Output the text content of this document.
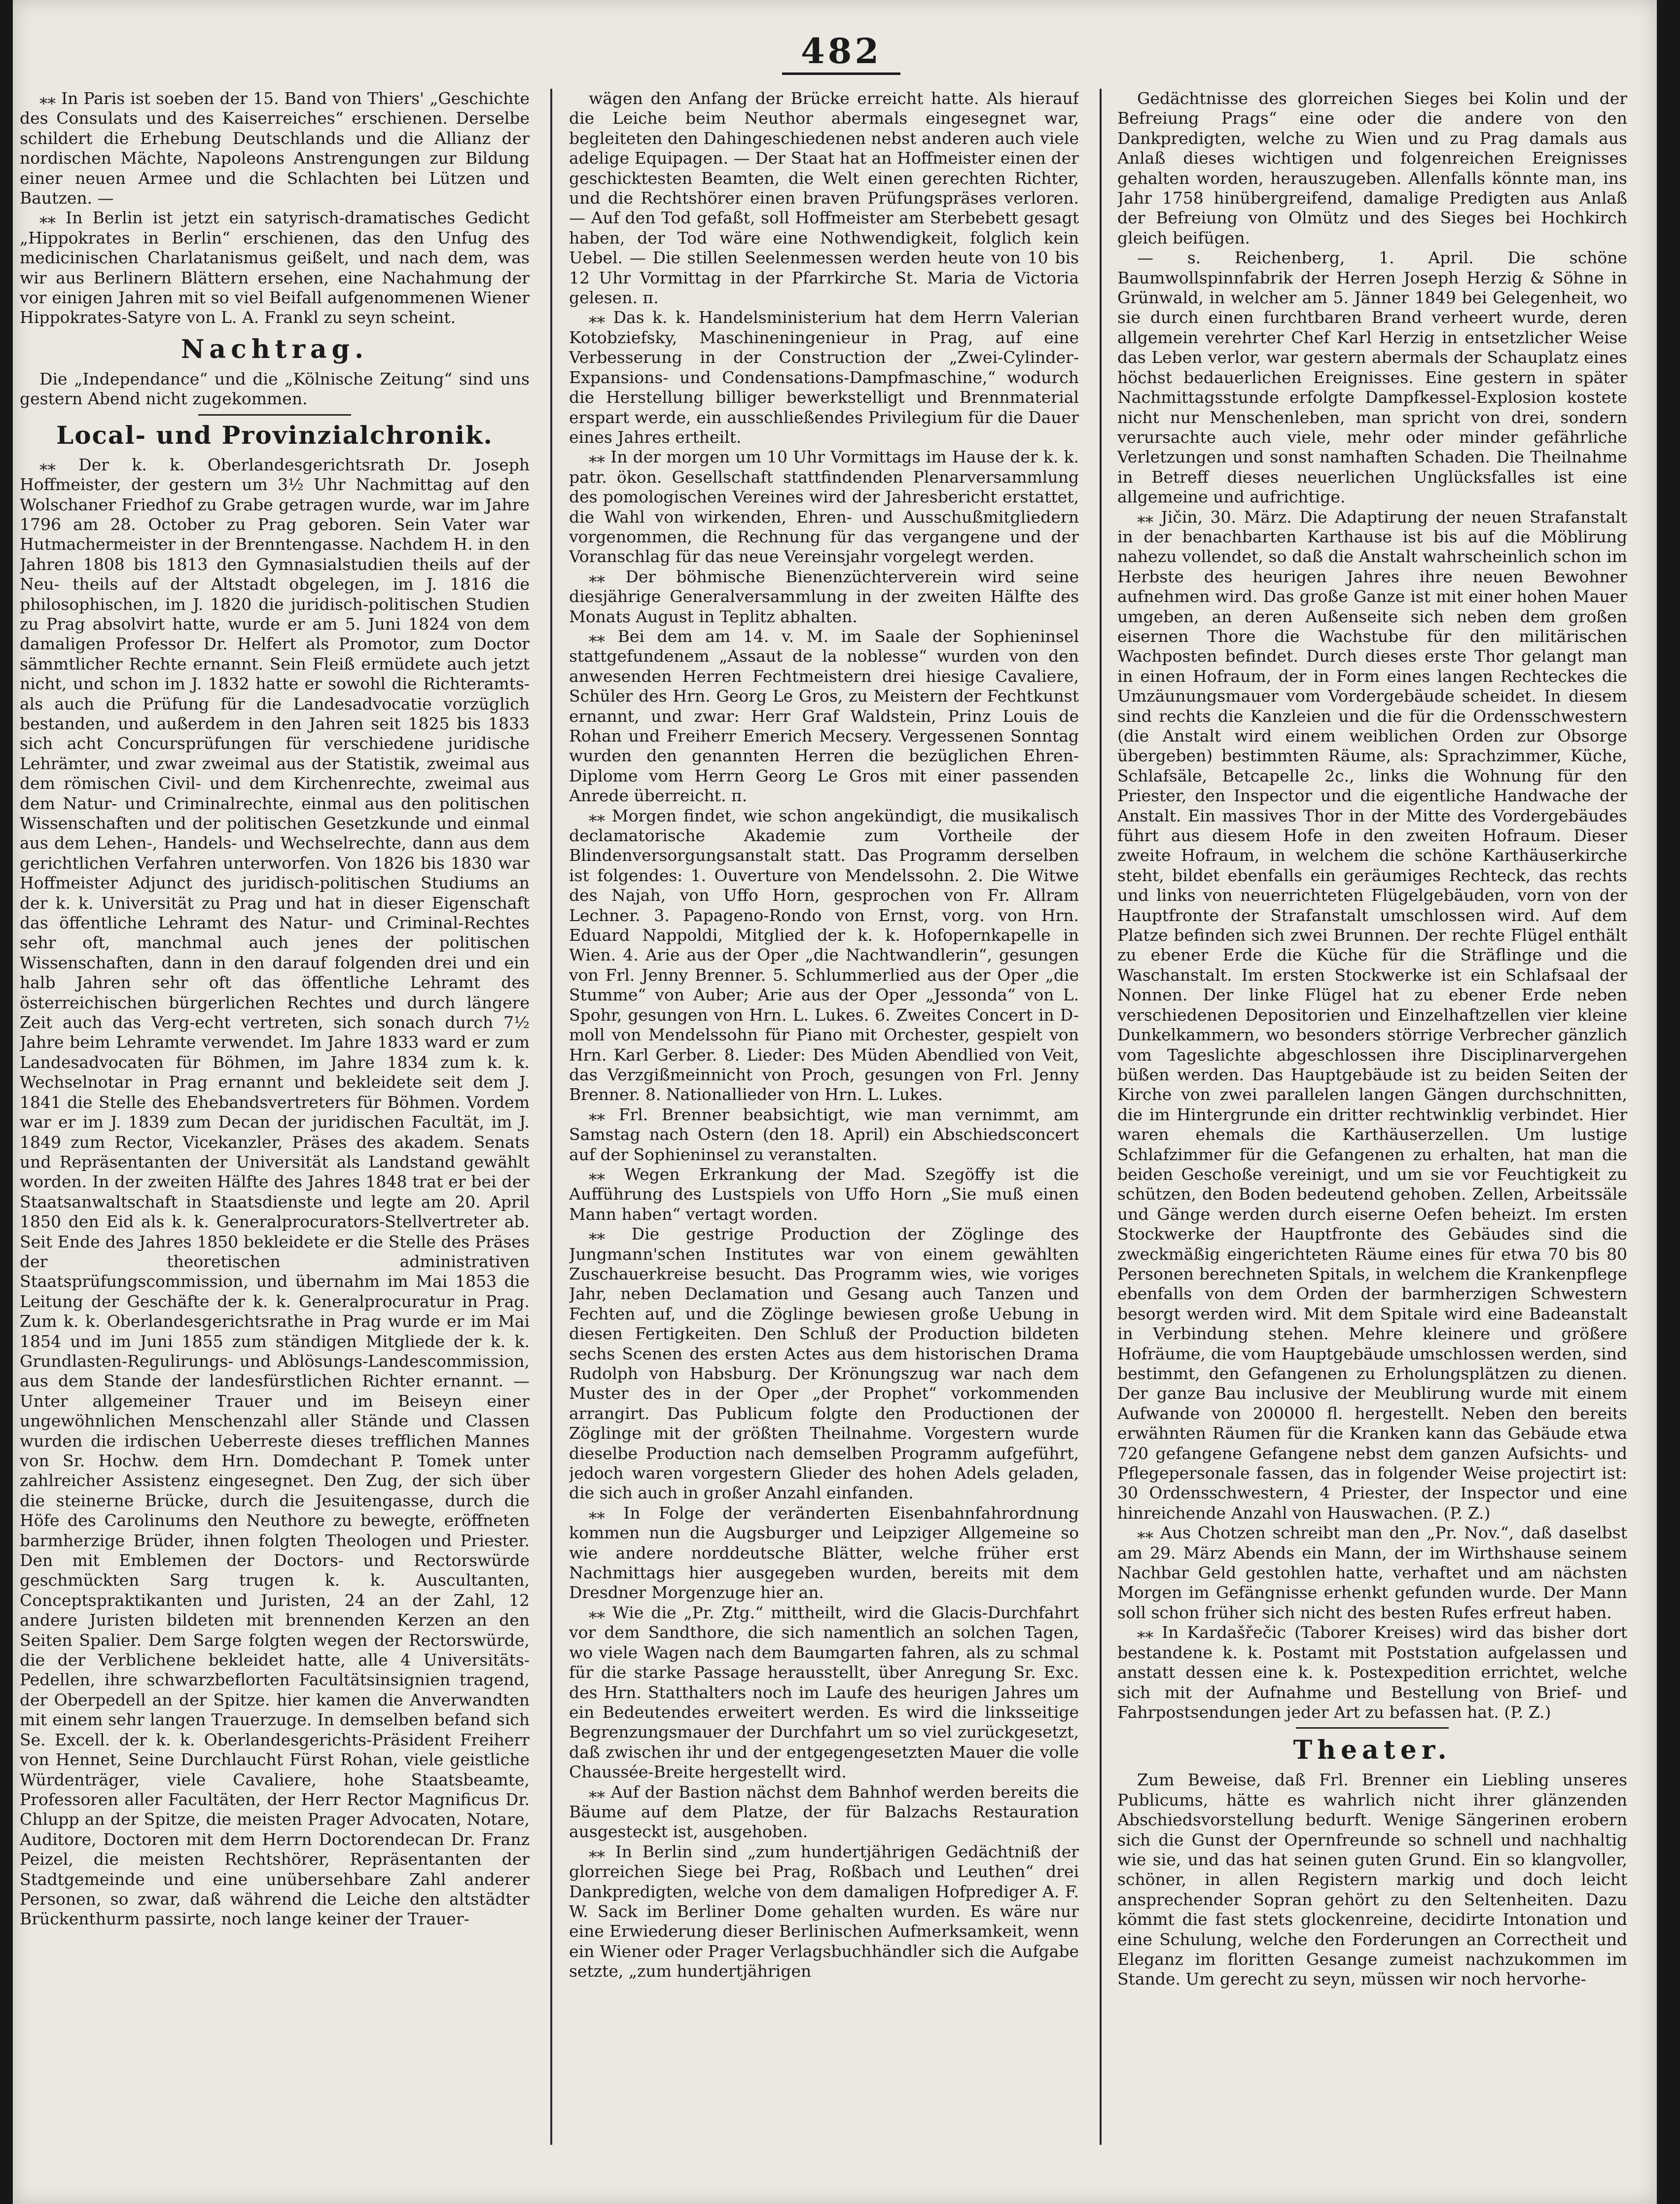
482

⁎⁎ In Paris ist soeben der 15. Band von Thiers' „Geschichte des Consulats und des Kaiserreiches“ erschienen. Derselbe schildert die Erhebung Deutschlands und die Allianz der nordischen Mächte, Napoleons Anstrengungen zur Bildung einer neuen Armee und die Schlachten bei Lützen und Bautzen. —

⁎⁎ In Berlin ist jetzt ein satyrisch-dramatisches Gedicht „Hippokrates in Berlin“ erschienen, das den Unfug des medicinischen Charlatanismus geißelt, und nach dem, was wir aus Berlinern Blättern ersehen, eine Nachahmung der vor einigen Jahren mit so viel Beifall aufgenommenen Wiener Hippokrates-Satyre von L. A. Frankl zu seyn scheint.

Nachtrag.

Die „Independance“ und die „Kölnische Zeitung“ sind uns gestern Abend nicht zugekommen.

Local- und Provinzialchronik.

⁎⁎ Der k. k. Oberlandesgerichtsrath Dr. Joseph Hoffmeister, der gestern um 3½ Uhr Nachmittag auf den Wolschaner Friedhof zu Grabe getragen wurde, war im Jahre 1796 am 28. October zu Prag geboren. Sein Vater war Hutmachermeister in der Brenntengasse. Nachdem H. in den Jahren 1808 bis 1813 den Gymnasialstudien theils auf der Neu- theils auf der Altstadt obgelegen, im J. 1816 die philosophischen, im J. 1820 die juridisch-politischen Studien zu Prag absolvirt hatte, wurde er am 5. Juni 1824 von dem damaligen Professor Dr. Helfert als Promotor, zum Doctor sämmtlicher Rechte ernannt. Sein Fleiß ermüdete auch jetzt nicht, und schon im J. 1832 hatte er sowohl die Richteramts- als auch die Prüfung für die Landesadvocatie vorzüglich bestanden, und außerdem in den Jahren seit 1825 bis 1833 sich acht Concursprüfungen für verschiedene juridische Lehrämter, und zwar zweimal aus der Statistik, zweimal aus dem römischen Civil- und dem Kirchenrechte, zweimal aus dem Natur- und Criminalrechte, einmal aus den politischen Wissenschaften und der politischen Gesetzkunde und einmal aus dem Lehen-, Handels- und Wechselrechte, dann aus dem gerichtlichen Verfahren unterworfen. Von 1826 bis 1830 war Hoffmeister Adjunct des juridisch-politischen Studiums an der k. k. Universität zu Prag und hat in dieser Eigenschaft das öffentliche Lehramt des Natur- und Criminal-Rechtes sehr oft, manchmal auch jenes der politischen Wissenschaften, dann in den darauf folgenden drei und ein halb Jahren sehr oft das öffentliche Lehramt des österreichischen bürgerlichen Rechtes und durch längere Zeit auch das Verg-echt vertreten, sich sonach durch 7½ Jahre beim Lehramte verwendet. Im Jahre 1833 ward er zum Landesadvocaten für Böhmen, im Jahre 1834 zum k. k. Wechselnotar in Prag ernannt und bekleidete seit dem J. 1841 die Stelle des Ehebandsvertreters für Böhmen. Vordem war er im J. 1839 zum Decan der juridischen Facultät, im J. 1849 zum Rector, Vicekanzler, Präses des akadem. Senats und Repräsentanten der Universität als Landstand gewählt worden. In der zweiten Hälfte des Jahres 1848 trat er bei der Staatsanwaltschaft in Staatsdienste und legte am 20. April 1850 den Eid als k. k. Generalprocurators-Stellvertreter ab. Seit Ende des Jahres 1850 bekleidete er die Stelle des Präses der theoretischen administrativen Staatsprüfungscommission, und übernahm im Mai 1853 die Leitung der Geschäfte der k. k. Generalprocuratur in Prag. Zum k. k. Oberlandesgerichtsrathe in Prag wurde er im Mai 1854 und im Juni 1855 zum ständigen Mitgliede der k. k. Grundlasten-Regulirungs- und Ablösungs-Landescommission, aus dem Stande der landesfürstlichen Richter ernannt. — Unter allgemeiner Trauer und im Beiseyn einer ungewöhnlichen Menschenzahl aller Stände und Classen wurden die irdischen Ueberreste dieses trefflichen Mannes von Sr. Hochw. dem Hrn. Domdechant P. Tomek unter zahlreicher Assistenz eingesegnet. Den Zug, der sich über die steinerne Brücke, durch die Jesuitengasse, durch die Höfe des Carolinums den Neuthore zu bewegte, eröffneten barmherzige Brüder, ihnen folgten Theologen und Priester. Den mit Emblemen der Doctors- und Rectorswürde geschmückten Sarg trugen k. k. Auscultanten, Conceptspraktikanten und Juristen, 24 an der Zahl, 12 andere Juristen bildeten mit brennenden Kerzen an den Seiten Spalier. Dem Sarge folgten wegen der Rectorswürde, die der Verblichene bekleidet hatte, alle 4 Universitäts-Pedellen, ihre schwarzbeflorten Facultätsinsignien tragend, der Oberpedell an der Spitze. hier kamen die Anverwandten mit einem sehr langen Trauerzuge. In demselben befand sich Se. Excell. der k. k. Oberlandesgerichts-Präsident Freiherr von Hennet, Seine Durchlaucht Fürst Rohan, viele geistliche Würdenträger, viele Cavaliere, hohe Staatsbeamte, Professoren aller Facultäten, der Herr Rector Magnificus Dr. Chlupp an der Spitze, die meisten Prager Advocaten, Notare, Auditore, Doctoren mit dem Herrn Doctorendecan Dr. Franz Peizel, die meisten Rechtshörer, Repräsentanten der Stadtgemeinde und eine unübersehbare Zahl anderer Personen, so zwar, daß während die Leiche den altstädter Brückenthurm passirte, noch lange keiner der Trauer-

wägen den Anfang der Brücke erreicht hatte. Als hierauf die Leiche beim Neuthor abermals eingesegnet war, begleiteten den Dahingeschiedenen nebst anderen auch viele adelige Equipagen. — Der Staat hat an Hoffmeister einen der geschicktesten Beamten, die Welt einen gerechten Richter, und die Rechtshörer einen braven Prüfungspräses verloren. — Auf den Tod gefaßt, soll Hoffmeister am Sterbebett gesagt haben, der Tod wäre eine Nothwendigkeit, folglich kein Uebel. — Die stillen Seelenmessen werden heute von 10 bis 12 Uhr Vormittag in der Pfarrkirche St. Maria de Victoria gelesen. π.

⁎⁎ Das k. k. Handelsministerium hat dem Herrn Valerian Kotobziefsky, Maschineningenieur in Prag, auf eine Verbesserung in der Construction der „Zwei-Cylinder-Expansions- und Condensations-Dampfmaschine,“ wodurch die Herstellung billiger bewerkstelligt und Brennmaterial erspart werde, ein ausschließendes Privilegium für die Dauer eines Jahres ertheilt.

⁎⁎ In der morgen um 10 Uhr Vormittags im Hause der k. k. patr. ökon. Gesellschaft stattfindenden Plenarversammlung des pomologischen Vereines wird der Jahresbericht erstattet, die Wahl von wirkenden, Ehren- und Ausschußmitgliedern vorgenommen, die Rechnung für das vergangene und der Voranschlag für das neue Vereinsjahr vorgelegt werden.

⁎⁎ Der böhmische Bienenzüchterverein wird seine diesjährige Generalversammlung in der zweiten Hälfte des Monats August in Teplitz abhalten.

⁎⁎ Bei dem am 14. v. M. im Saale der Sophieninsel stattgefundenem „Assaut de la noblesse“ wurden von den anwesenden Herren Fechtmeistern drei hiesige Cavaliere, Schüler des Hrn. Georg Le Gros, zu Meistern der Fechtkunst ernannt, und zwar: Herr Graf Waldstein, Prinz Louis de Rohan und Freiherr Emerich Mecsery. Vergessenen Sonntag wurden den genannten Herren die bezüglichen Ehren-Diplome vom Herrn Georg Le Gros mit einer passenden Anrede überreicht. π.

⁎⁎ Morgen findet, wie schon angekündigt, die musikalisch declamatorische Akademie zum Vortheile der Blindenversorgungsanstalt statt. Das Programm derselben ist folgendes: 1. Ouverture von Mendelssohn. 2. Die Witwe des Najah, von Uffo Horn, gesprochen von Fr. Allram Lechner. 3. Papageno-Rondo von Ernst, vorg. von Hrn. Eduard Nappoldi, Mitglied der k. k. Hofopernkapelle in Wien. 4. Arie aus der Oper „die Nachtwandlerin“, gesungen von Frl. Jenny Brenner. 5. Schlummerlied aus der Oper „die Stumme“ von Auber; Arie aus der Oper „Jessonda“ von L. Spohr, gesungen von Hrn. L. Lukes. 6. Zweites Concert in D-moll von Mendelssohn für Piano mit Orchester, gespielt von Hrn. Karl Gerber. 8. Lieder: Des Müden Abendlied von Veit, das Verzgißmeinnicht von Proch, gesungen von Frl. Jenny Brenner. 8. Nationallieder von Hrn. L. Lukes.

⁎⁎ Frl. Brenner beabsichtigt, wie man vernimmt, am Samstag nach Ostern (den 18. April) ein Abschiedsconcert auf der Sophieninsel zu veranstalten.

⁎⁎ Wegen Erkrankung der Mad. Szegöffy ist die Aufführung des Lustspiels von Uffo Horn „Sie muß einen Mann haben“ vertagt worden.

⁎⁎ Die gestrige Production der Zöglinge des Jungmann'schen Institutes war von einem gewählten Zuschauerkreise besucht. Das Programm wies, wie voriges Jahr, neben Declamation und Gesang auch Tanzen und Fechten auf, und die Zöglinge bewiesen große Uebung in diesen Fertigkeiten. Den Schluß der Production bildeten sechs Scenen des ersten Actes aus dem historischen Drama Rudolph von Habsburg. Der Krönungszug war nach dem Muster des in der Oper „der Prophet“ vorkommenden arrangirt. Das Publicum folgte den Productionen der Zöglinge mit der größten Theilnahme. Vorgestern wurde dieselbe Production nach demselben Programm aufgeführt, jedoch waren vorgestern Glieder des hohen Adels geladen, die sich auch in großer Anzahl einfanden.

⁎⁎ In Folge der veränderten Eisenbahnfahrordnung kommen nun die Augsburger und Leipziger Allgemeine so wie andere norddeutsche Blätter, welche früher erst Nachmittags hier ausgegeben wurden, bereits mit dem Dresdner Morgenzuge hier an.

⁎⁎ Wie die „Pr. Ztg.“ mittheilt, wird die Glacis-Durchfahrt vor dem Sandthore, die sich namentlich an solchen Tagen, wo viele Wagen nach dem Baumgarten fahren, als zu schmal für die starke Passage herausstellt, über Anregung Sr. Exc. des Hrn. Statthalters noch im Laufe des heurigen Jahres um ein Bedeutendes erweitert werden. Es wird die linksseitige Begrenzungsmauer der Durchfahrt um so viel zurückgesetzt, daß zwischen ihr und der entgegengesetzten Mauer die volle Chaussée-Breite hergestellt wird.

⁎⁎ Auf der Bastion nächst dem Bahnhof werden bereits die Bäume auf dem Platze, der für Balzachs Restauration ausgesteckt ist, ausgehoben.

⁎⁎ In Berlin sind „zum hundertjährigen Gedächtniß der glorreichen Siege bei Prag, Roßbach und Leuthen“ drei Dankpredigten, welche von dem damaligen Hofprediger A. F. W. Sack im Berliner Dome gehalten wurden. Es wäre nur eine Erwiederung dieser Berlinischen Aufmerksamkeit, wenn ein Wiener oder Prager Verlagsbuchhändler sich die Aufgabe setzte, „zum hundertjährigen

Gedächtnisse des glorreichen Sieges bei Kolin und der Befreiung Prags“ eine oder die andere von den Dankpredigten, welche zu Wien und zu Prag damals aus Anlaß dieses wichtigen und folgenreichen Ereignisses gehalten worden, herauszugeben. Allenfalls könnte man, ins Jahr 1758 hinübergreifend, damalige Predigten aus Anlaß der Befreiung von Olmütz und des Sieges bei Hochkirch gleich beifügen.

— s. Reichenberg, 1. April. Die schöne Baumwollspinnfabrik der Herren Joseph Herzig & Söhne in Grünwald, in welcher am 5. Jänner 1849 bei Gelegenheit, wo sie durch einen furchtbaren Brand verheert wurde, deren allgemein verehrter Chef Karl Herzig in entsetzlicher Weise das Leben verlor, war gestern abermals der Schauplatz eines höchst bedauerlichen Ereignisses. Eine gestern in später Nachmittagsstunde erfolgte Dampfkessel-Explosion kostete nicht nur Menschenleben, man spricht von drei, sondern verursachte auch viele, mehr oder minder gefährliche Verletzungen und sonst namhaften Schaden. Die Theilnahme in Betreff dieses neuerlichen Unglücksfalles ist eine allgemeine und aufrichtige.

⁎⁎ Jičin, 30. März. Die Adaptirung der neuen Strafanstalt in der benachbarten Karthause ist bis auf die Möblirung nahezu vollendet, so daß die Anstalt wahrscheinlich schon im Herbste des heurigen Jahres ihre neuen Bewohner aufnehmen wird. Das große Ganze ist mit einer hohen Mauer umgeben, an deren Außenseite sich neben dem großen eisernen Thore die Wachstube für den militärischen Wachposten befindet. Durch dieses erste Thor gelangt man in einen Hofraum, der in Form eines langen Rechteckes die Umzäunungsmauer vom Vordergebäude scheidet. In diesem sind rechts die Kanzleien und die für die Ordensschwestern (die Anstalt wird einem weiblichen Orden zur Obsorge übergeben) bestimmten Räume, als: Sprachzimmer, Küche, Schlafsäle, Betcapelle 2c., links die Wohnung für den Priester, den Inspector und die eigentliche Handwache der Anstalt. Ein massives Thor in der Mitte des Vordergebäudes führt aus diesem Hofe in den zweiten Hofraum. Dieser zweite Hofraum, in welchem die schöne Karthäuserkirche steht, bildet ebenfalls ein geräumiges Rechteck, das rechts und links von neuerrichteten Flügelgebäuden, vorn von der Hauptfronte der Strafanstalt umschlossen wird. Auf dem Platze befinden sich zwei Brunnen. Der rechte Flügel enthält zu ebener Erde die Küche für die Sträflinge und die Waschanstalt. Im ersten Stockwerke ist ein Schlafsaal der Nonnen. Der linke Flügel hat zu ebener Erde neben verschiedenen Depositorien und Einzelhaftzellen vier kleine Dunkelkammern, wo besonders störrige Verbrecher gänzlich vom Tageslichte abgeschlossen ihre Disciplinarvergehen büßen werden. Das Hauptgebäude ist zu beiden Seiten der Kirche von zwei parallelen langen Gängen durchschnitten, die im Hintergrunde ein dritter rechtwinklig verbindet. Hier waren ehemals die Karthäuserzellen. Um lustige Schlafzimmer für die Gefangenen zu erhalten, hat man die beiden Geschoße vereinigt, und um sie vor Feuchtigkeit zu schützen, den Boden bedeutend gehoben. Zellen, Arbeitssäle und Gänge werden durch eiserne Oefen beheizt. Im ersten Stockwerke der Hauptfronte des Gebäudes sind die zweckmäßig eingerichteten Räume eines für etwa 70 bis 80 Personen berechneten Spitals, in welchem die Krankenpflege ebenfalls von dem Orden der barmherzigen Schwestern besorgt werden wird. Mit dem Spitale wird eine Badeanstalt in Verbindung stehen. Mehre kleinere und größere Hofräume, die vom Hauptgebäude umschlossen werden, sind bestimmt, den Gefangenen zu Erholungsplätzen zu dienen. Der ganze Bau inclusive der Meublirung wurde mit einem Aufwande von 200000 fl. hergestellt. Neben den bereits erwähnten Räumen für die Kranken kann das Gebäude etwa 720 gefangene Gefangene nebst dem ganzen Aufsichts- und Pflegepersonale fassen, das in folgender Weise projectirt ist: 30 Ordensschwestern, 4 Priester, der Inspector und eine hinreichende Anzahl von Hauswachen. (P. Z.)

⁎⁎ Aus Chotzen schreibt man den „Pr. Nov.“, daß daselbst am 29. März Abends ein Mann, der im Wirthshause seinem Nachbar Geld gestohlen hatte, verhaftet und am nächsten Morgen im Gefängnisse erhenkt gefunden wurde. Der Mann soll schon früher sich nicht des besten Rufes erfreut haben.

⁎⁎ In Kardašřečic (Taborer Kreises) wird das bisher dort bestandene k. k. Postamt mit Poststation aufgelassen und anstatt dessen eine k. k. Postexpedition errichtet, welche sich mit der Aufnahme und Bestellung von Brief- und Fahrpostsendungen jeder Art zu befassen hat. (P. Z.)

Theater.

Zum Beweise, daß Frl. Brenner ein Liebling unseres Publicums, hätte es wahrlich nicht ihrer glänzenden Abschiedsvorstellung bedurft. Wenige Sängerinen erobern sich die Gunst der Opernfreunde so schnell und nachhaltig wie sie, und das hat seinen guten Grund. Ein so klangvoller, schöner, in allen Registern markig und doch leicht ansprechender Sopran gehört zu den Seltenheiten. Dazu kömmt die fast stets glockenreine, decidirte Intonation und eine Schulung, welche den Forderungen an Correctheit und Eleganz im floritten Gesange zumeist nachzukommen im Stande. Um gerecht zu seyn, müssen wir noch hervorhe-
